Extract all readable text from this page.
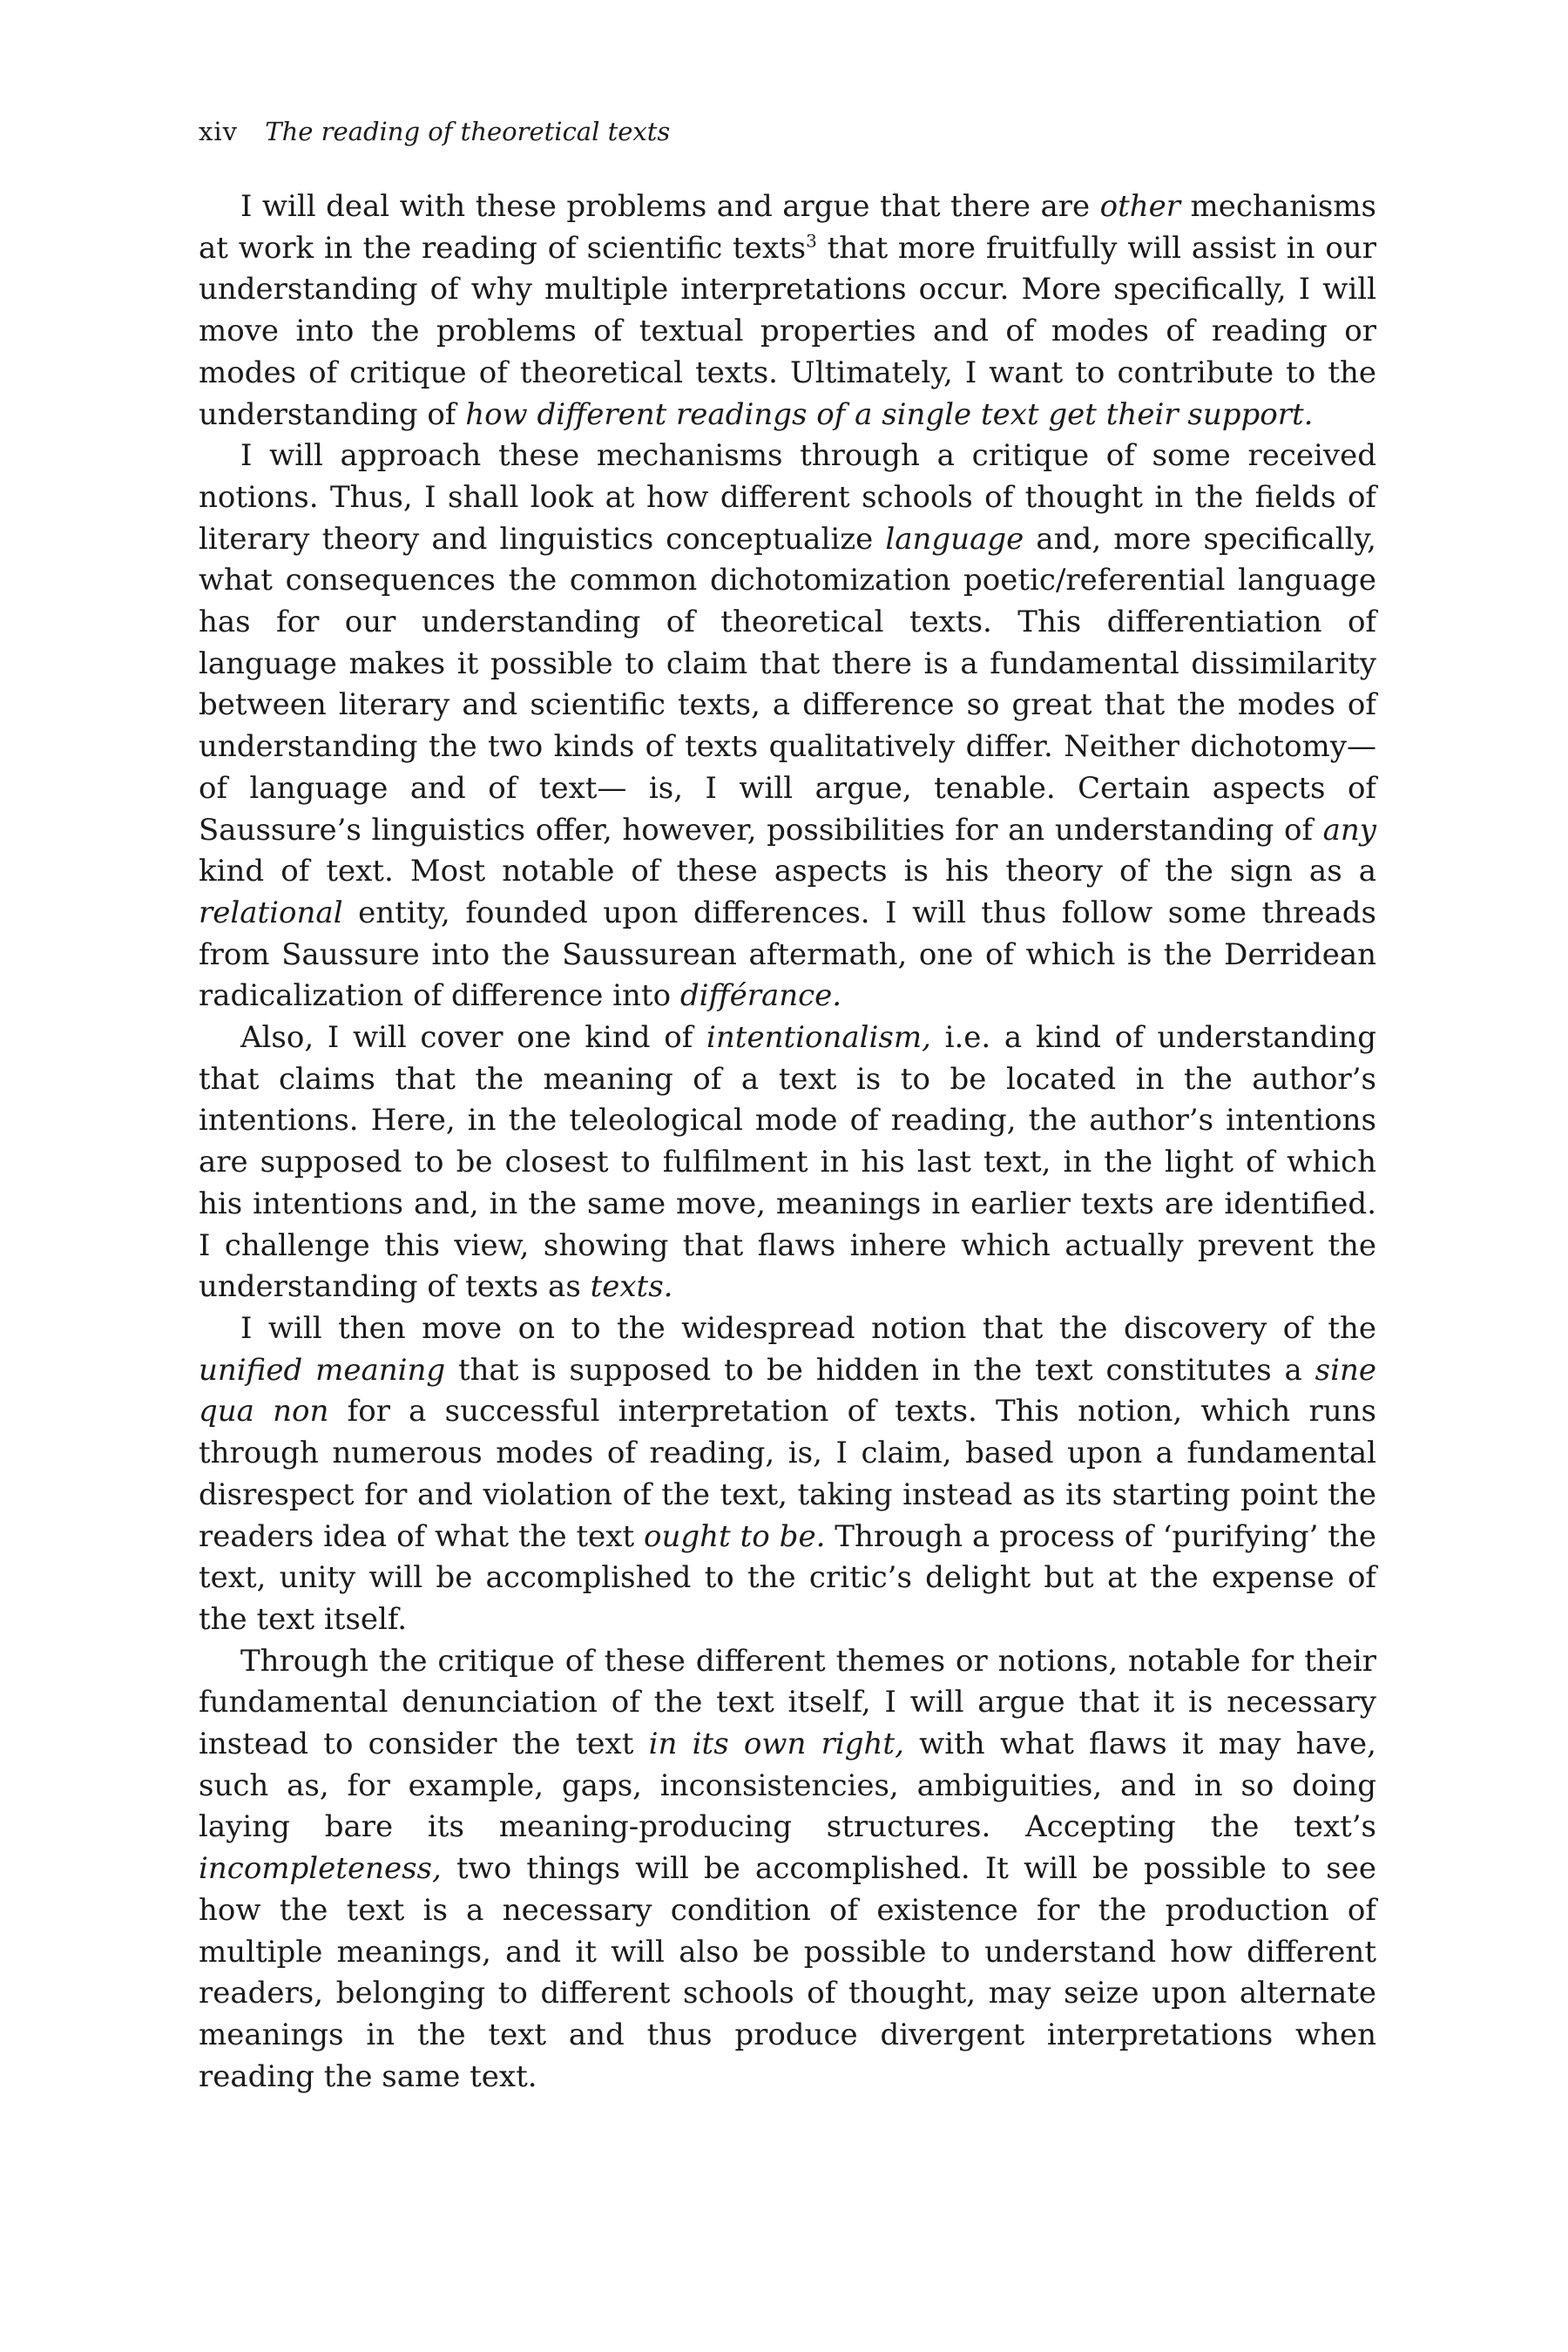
xiv The reading of theoretical texts

I will deal with these problems and argue that there are other mechanisms at work in the reading of scientific texts$^3$ that more fruitfully will assist in our understanding of why multiple interpretations occur. More specifically, I will move into the problems of textual properties and of modes of reading or modes of critique of theoretical texts. Ultimately, I want to contribute to the understanding of how different readings of a single text get their support.

I will approach these mechanisms through a critique of some received notions. Thus, I shall look at how different schools of thought in the fields of literary theory and linguistics conceptualize language and, more specifically, what consequences the common dichotomization poetic/referential language has for our understanding of theoretical texts. This differentiation of language makes it possible to claim that there is a fundamental dissimilarity between literary and scientific texts, a difference so great that the modes of understanding the two kinds of texts qualitatively differ. Neither dichotomy—of language and of text— is, I will argue, tenable. Certain aspects of Saussure’s linguistics offer, however, possibilities for an understanding of any kind of text. Most notable of these aspects is his theory of the sign as a relational entity, founded upon differences. I will thus follow some threads from Saussure into the Saussurean aftermath, one of which is the Derridean radicalization of difference into différance.

Also, I will cover one kind of intentionalism, i.e. a kind of understanding that claims that the meaning of a text is to be located in the author’s intentions. Here, in the teleological mode of reading, the author’s intentions are supposed to be closest to fulfilment in his last text, in the light of which his intentions and, in the same move, meanings in earlier texts are identified. I challenge this view, showing that flaws inhere which actually prevent the understanding of texts as texts.

I will then move on to the widespread notion that the discovery of the unified meaning that is supposed to be hidden in the text constitutes a sine qua non for a successful interpretation of texts. This notion, which runs through numerous modes of reading, is, I claim, based upon a fundamental disrespect for and violation of the text, taking instead as its starting point the readers idea of what the text ought to be. Through a process of ‘purifying’ the text, unity will be accomplished to the critic’s delight but at the expense of the text itself.

Through the critique of these different themes or notions, notable for their fundamental denunciation of the text itself, I will argue that it is necessary instead to consider the text in its own right, with what flaws it may have, such as, for example, gaps, inconsistencies, ambiguities, and in so doing laying bare its meaning-producing structures. Accepting the text’s incompleteness, two things will be accomplished. It will be possible to see how the text is a necessary condition of existence for the production of multiple meanings, and it will also be possible to understand how different readers, belonging to different schools of thought, may seize upon alternate meanings in the text and thus produce divergent interpretations when reading the same text.
